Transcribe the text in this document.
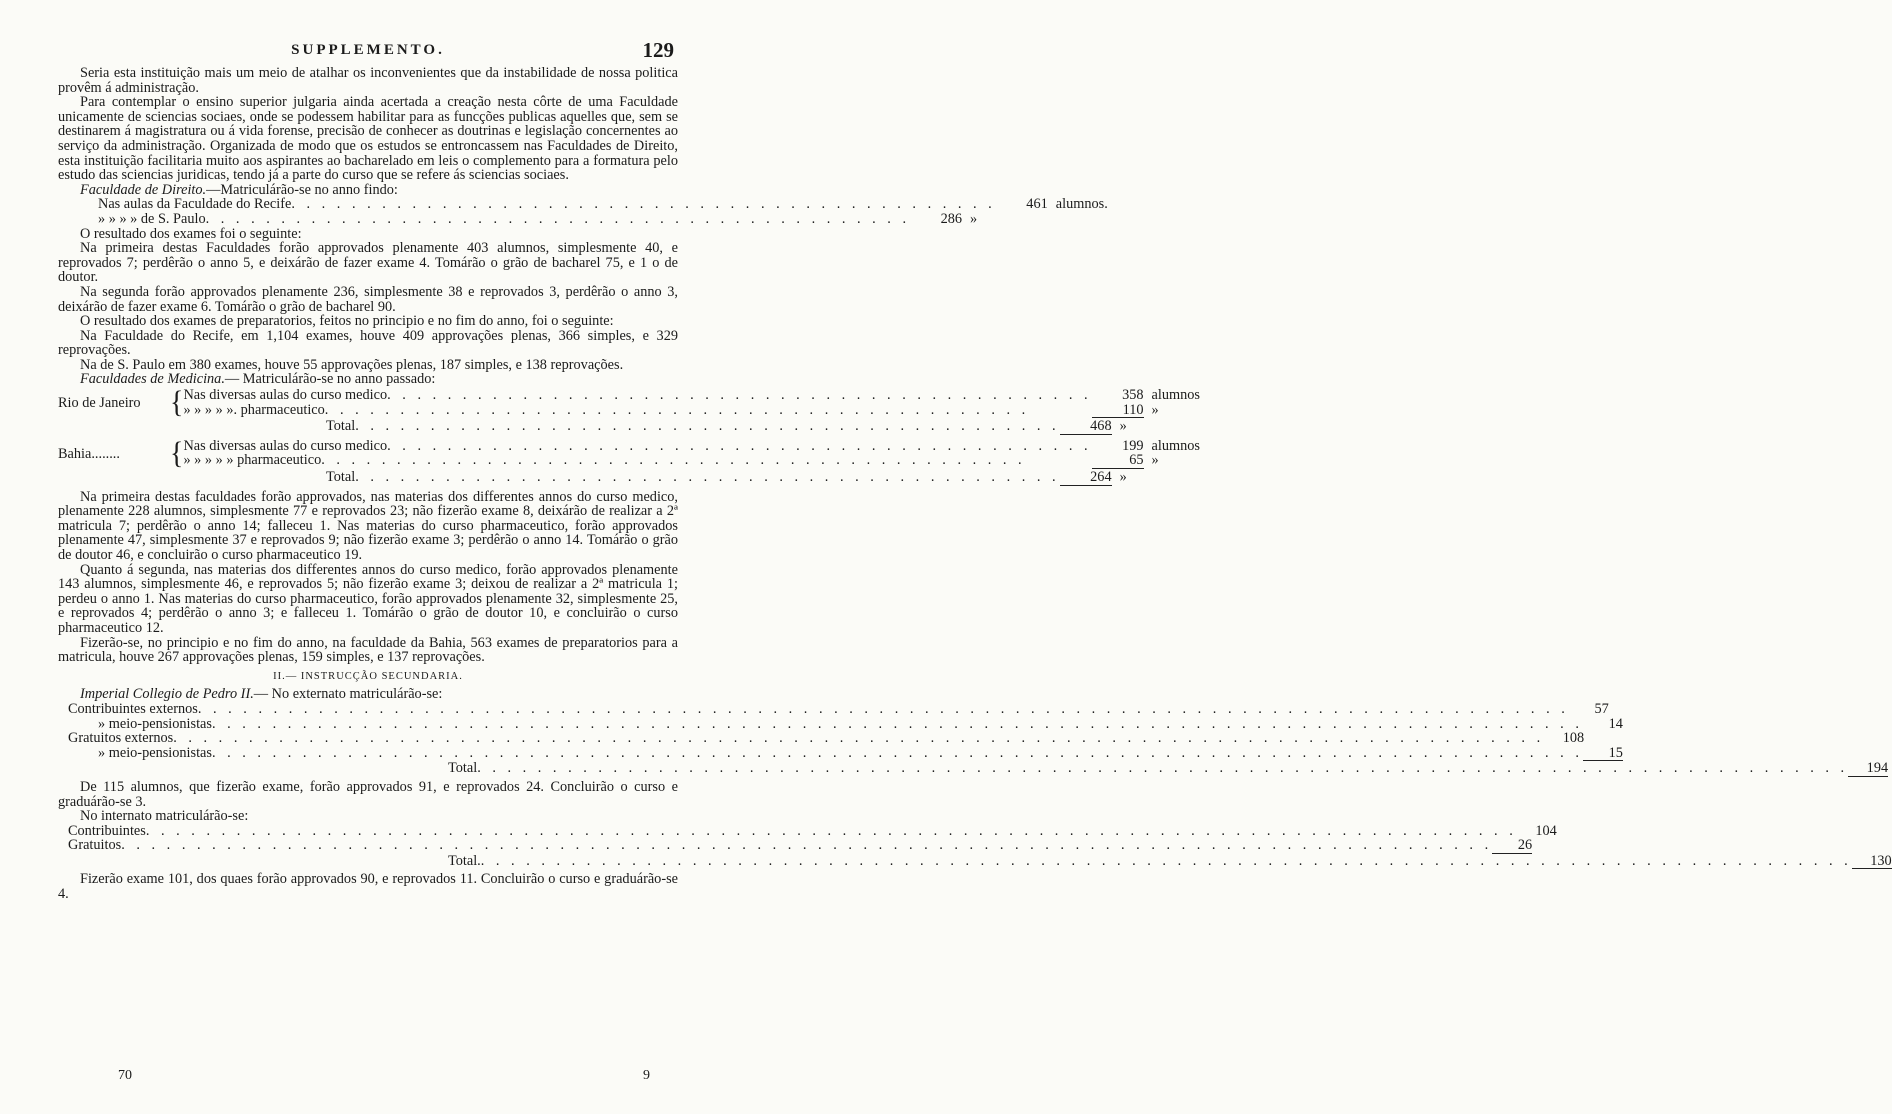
SUPPLEMENTO.	129

Seria esta instituição mais um meio de atalhar os inconvenientes que da instabilidade de nossa politica provêm á administração.

Para contemplar o ensino superior julgaria ainda acertada a creação nesta côrte de uma Faculdade unicamente de sciencias sociaes, onde se podessem habilitar para as funcções publicas aquelles que, sem se destinarem á magistratura ou á vida forense, precisão de conhecer as doutrinas e legislação concernentes ao serviço da administração. Organizada de modo que os estudos se entroncassem nas Faculdades de Direito, esta instituição facilitaria muito aos aspirantes ao bacharelado em leis o complemento para a formatura pelo estudo das sciencias juridicas, tendo já a parte do curso que se refere ás sciencias sociaes.

Faculdade de Direito.—Matriculárão-se no anno findo:

Nas aulas da Faculdade do Recife . . .	461 alumnos.
» » » » de S. Paulo . . .	286 »

O resultado dos exames foi o seguinte:

Na primeira destas Faculdades forão approvados plenamente 403 alumnos, simplesmente 40, e reprovados 7; perdêrão o anno 5, e deixárão de fazer exame 4. Tomárão o grão de bacharel 75, e 1 o de doutor.

Na segunda forão approvados plenamente 236, simplesmente 38 e reprovados 3, perdêrão o anno 3, deixárão de fazer exame 6. Tomárão o grão de bacharel 90.

O resultado dos exames de preparatorios, feitos no principio e no fim do anno, foi o seguinte:

Na Faculdade do Recife, em 1,104 exames, houve 409 approvações plenas, 366 simples, e 329 reprovações.

Na de S. Paulo em 380 exames, houve 55 approvações plenas, 187 simples, e 138 reprovações.

Faculdades de Medicina.— Matriculárão-se no anno passado:

Rio de Janeiro	{ Nas diversas aulas do curso medico . . .	358 alumnos
» » » » ». pharmaceutico . . .	110 »
Total . . .	468 »
Bahia........	{ Nas diversas aulas do curso medico . . .	199 alumnos
» » » » » pharmaceutico . . .	65 »
Total . . .	264 »

Na primeira destas faculdades forão approvados, nas materias dos differentes annos do curso medico, plenamente 228 alumnos, simplesmente 77 e reprovados 23; não fizerão exame 8, deixárão de realizar a 2ª matricula 7; perdêrão o anno 14; falleceu 1. Nas materias do curso pharmaceutico, forão approvados plenamente 47, simplesmente 37 e reprovados 9; não fizerão exame 3; perdêrão o anno 14. Tomárão o grão de doutor 46, e concluirão o curso pharmaceutico 19.

Quanto á segunda, nas materias dos differentes annos do curso medico, forão approvados plenamente 143 alumnos, simplesmente 46, e reprovados 5; não fizerão exame 3; deixou de realizar a 2ª matricula 1; perdeu o anno 1. Nas materias do curso pharmaceutico, forão approvados plenamente 32, simplesmente 25, e reprovados 4; perdêrão o anno 3; e falleceu 1. Tomárão o grão de doutor 10, e concluirão o curso pharmaceutico 12.

Fizerão-se, no principio e no fim do anno, na faculdade da Bahia, 563 exames de preparatorios para a matricula, houve 267 approvações plenas, 159 simples, e 137 reprovações.

II.— INSTRUCÇÃO SECUNDARIA.

Imperial Collegio de Pedro II.— No externato matriculárão-se:

Contribuintes externos . . .	57
» meio-pensionistas . . .	14
Gratuitos externos . . .	108
» meio-pensionistas . . .	15
Total . . .	194

De 115 alumnos, que fizerão exame, forão approvados 91, e reprovados 24. Concluirão o curso e graduárão-se 3.

No internato matriculárão-se:

Contribuintes . . .	104
Gratuitos . . .	26
Total. . . .	130

Fizerão exame 101, dos quaes forão approvados 90, e reprovados 11. Concluirão o curso e graduárão-se 4.

70	9
